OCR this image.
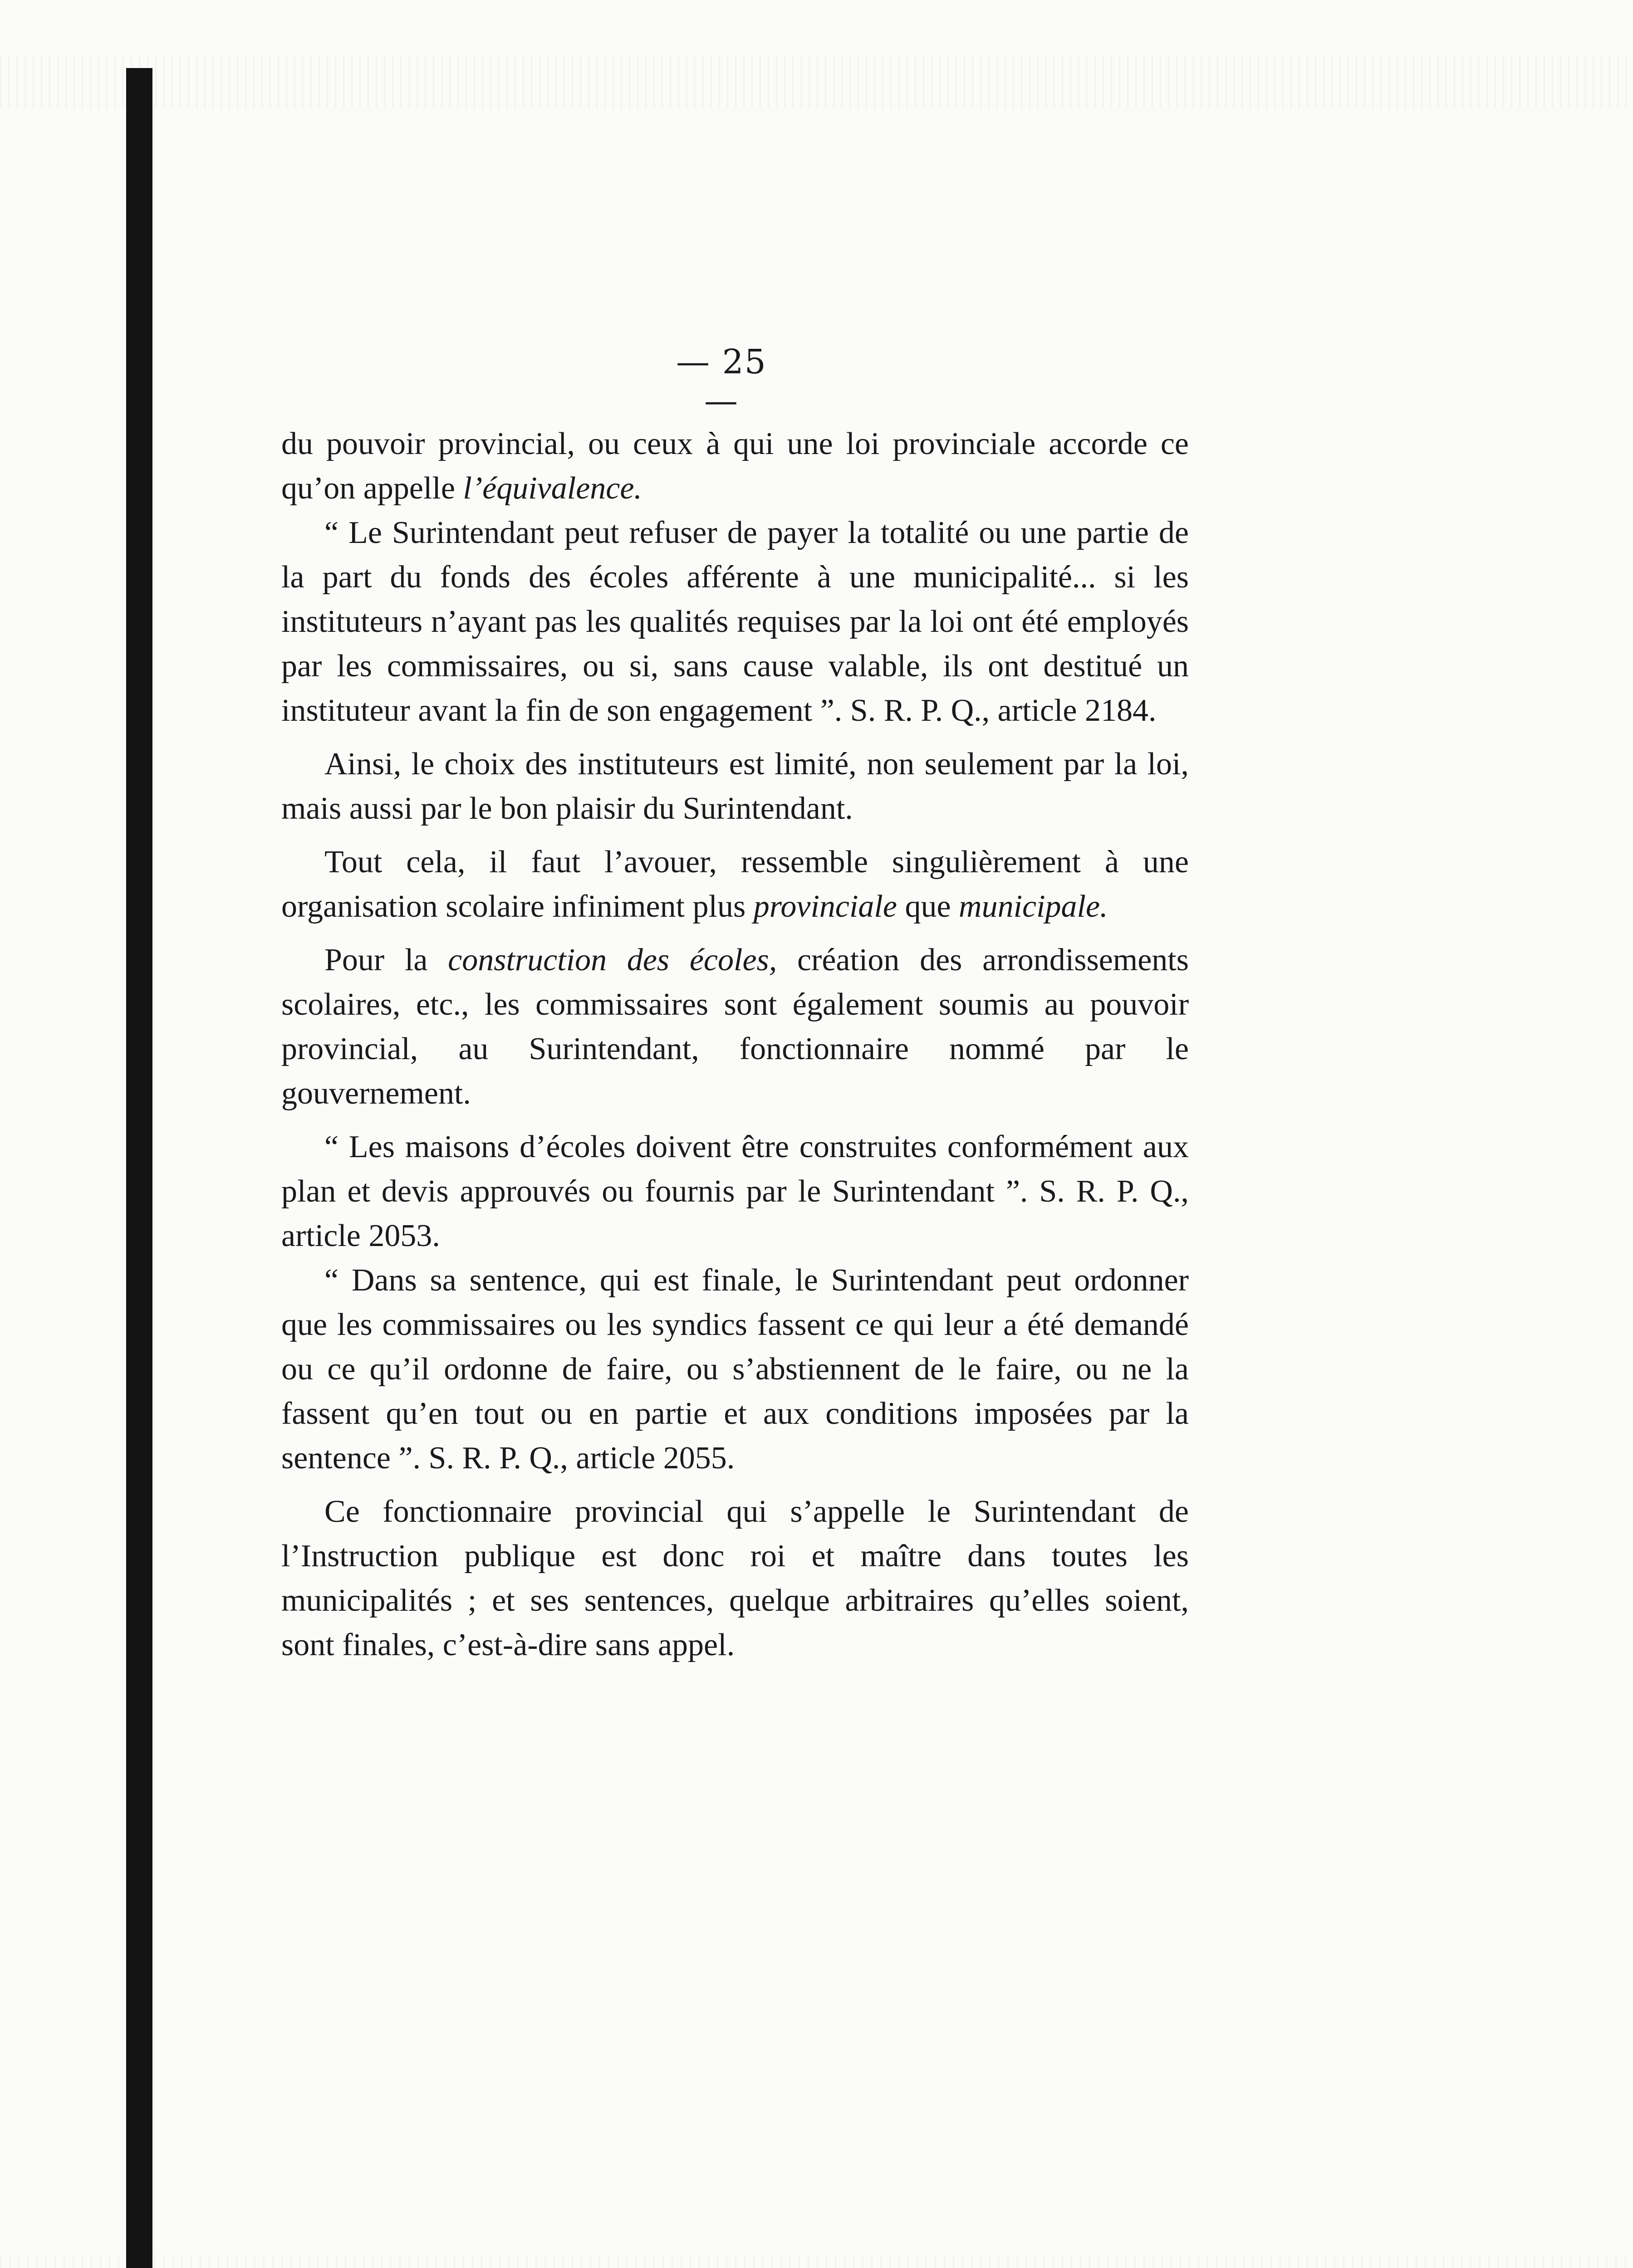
— 25 —

du pouvoir provincial, ou ceux à qui une loi provinciale accorde ce qu’on appelle l’équivalence.

“ Le Surintendant peut refuser de payer la totalité ou une partie de la part du fonds des écoles afférente à une municipalité... si les instituteurs n’ayant pas les qualités requises par la loi ont été employés par les commissaires, ou si, sans cause valable, ils ont destitué un instituteur avant la fin de son engagement ”. S. R. P. Q., article 2184.

Ainsi, le choix des instituteurs est limité, non seulement par la loi, mais aussi par le bon plaisir du Surintendant.

Tout cela, il faut l’avouer, ressemble singulièrement à une organisation scolaire infiniment plus provinciale que municipale.

Pour la construction des écoles, création des arrondissements scolaires, etc., les commissaires sont également soumis au pouvoir provincial, au Surintendant, fonctionnaire nommé par le gouvernement.

“ Les maisons d’écoles doivent être construites conformément aux plan et devis approuvés ou fournis par le Surintendant ”. S. R. P. Q., article 2053.

“ Dans sa sentence, qui est finale, le Surintendant peut ordonner que les commissaires ou les syndics fassent ce qui leur a été demandé ou ce qu’il ordonne de faire, ou s’abstiennent de le faire, ou ne la fassent qu’en tout ou en partie et aux conditions imposées par la sentence ”. S. R. P. Q., article 2055.

Ce fonctionnaire provincial qui s’appelle le Surintendant de l’Instruction publique est donc roi et maître dans toutes les municipalités ; et ses sentences, quelque arbitraires qu’elles soient, sont finales, c’est-à-dire sans appel.
